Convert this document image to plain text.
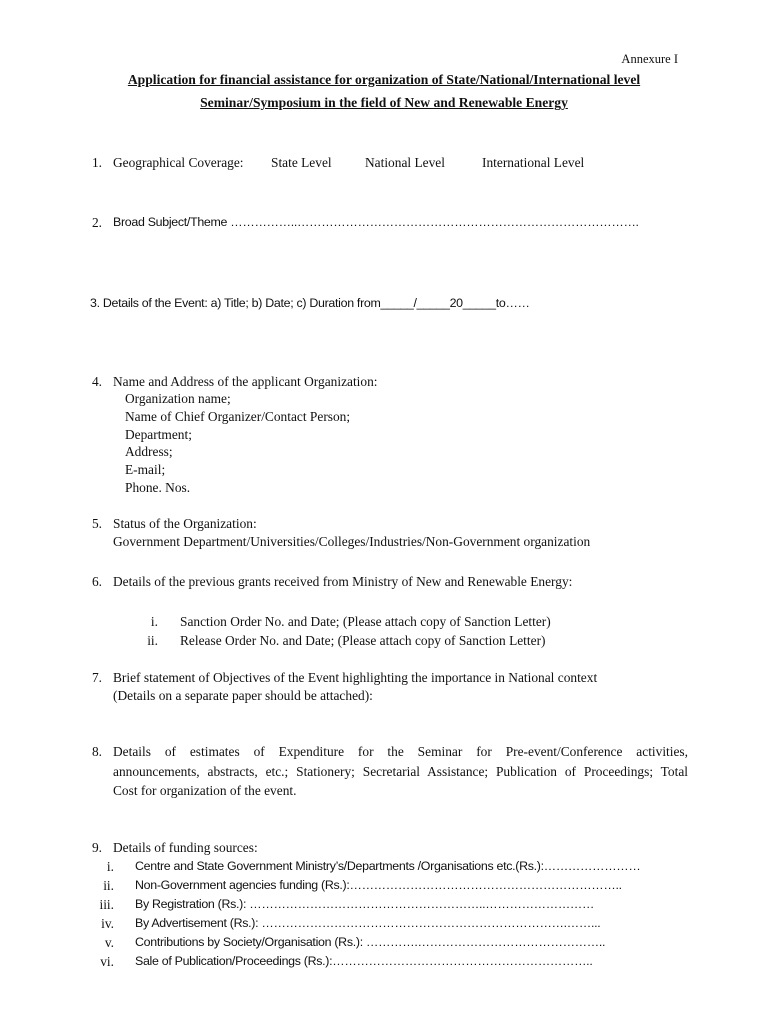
Annexure I
Application for financial assistance for organization of State/National/International level
Seminar/Symposium in the field of New and Renewable Energy
1. Geographical Coverage: State Level National Level	International Level
2. Broad Subject/Theme ……………..………………………………………………………………………….
3. Details of the Event: a) Title; b) Date; c) Duration from_____/_____20_____to……
4. Name and Address of the applicant Organization:
Organization name;
Name of Chief Organizer/Contact Person;
Department;
Address;
E-mail;
Phone. Nos.
5. Status of the Organization:
Government Department/Universities/Colleges/Industries/Non-Government organization
6. Details of the previous grants received from Ministry of New and Renewable Energy:
i. Sanction Order No. and Date; (Please attach copy of Sanction Letter)
ii. Release Order No. and Date; (Please attach copy of Sanction Letter)
7. Brief statement of Objectives of the Event highlighting the importance in National context
(Details on a separate paper should be attached):
8. Details of estimates of Expenditure for the Seminar for Pre-event/Conference activities,
announcements, abstracts, etc.; Stationery; Secretarial Assistance; Publication of Proceedings; Total
Cost for organization of the event.
9. Details of funding sources:
i. Centre and State Government Ministry’s/Departments /Organisations etc.(Rs.):……………………
ii. Non-Government agencies funding (Rs.):…………………………………………………………..
iii. By Registration (Rs.): …………………………………………………..………………………
iv. By Advertisement (Rs.): ………………………………………………………………….……...
v. Contributions by Society/Organisation (Rs.): ………….………………………………………..
vi. Sale of Publication/Proceedings (Rs.):………………………………………………………..
